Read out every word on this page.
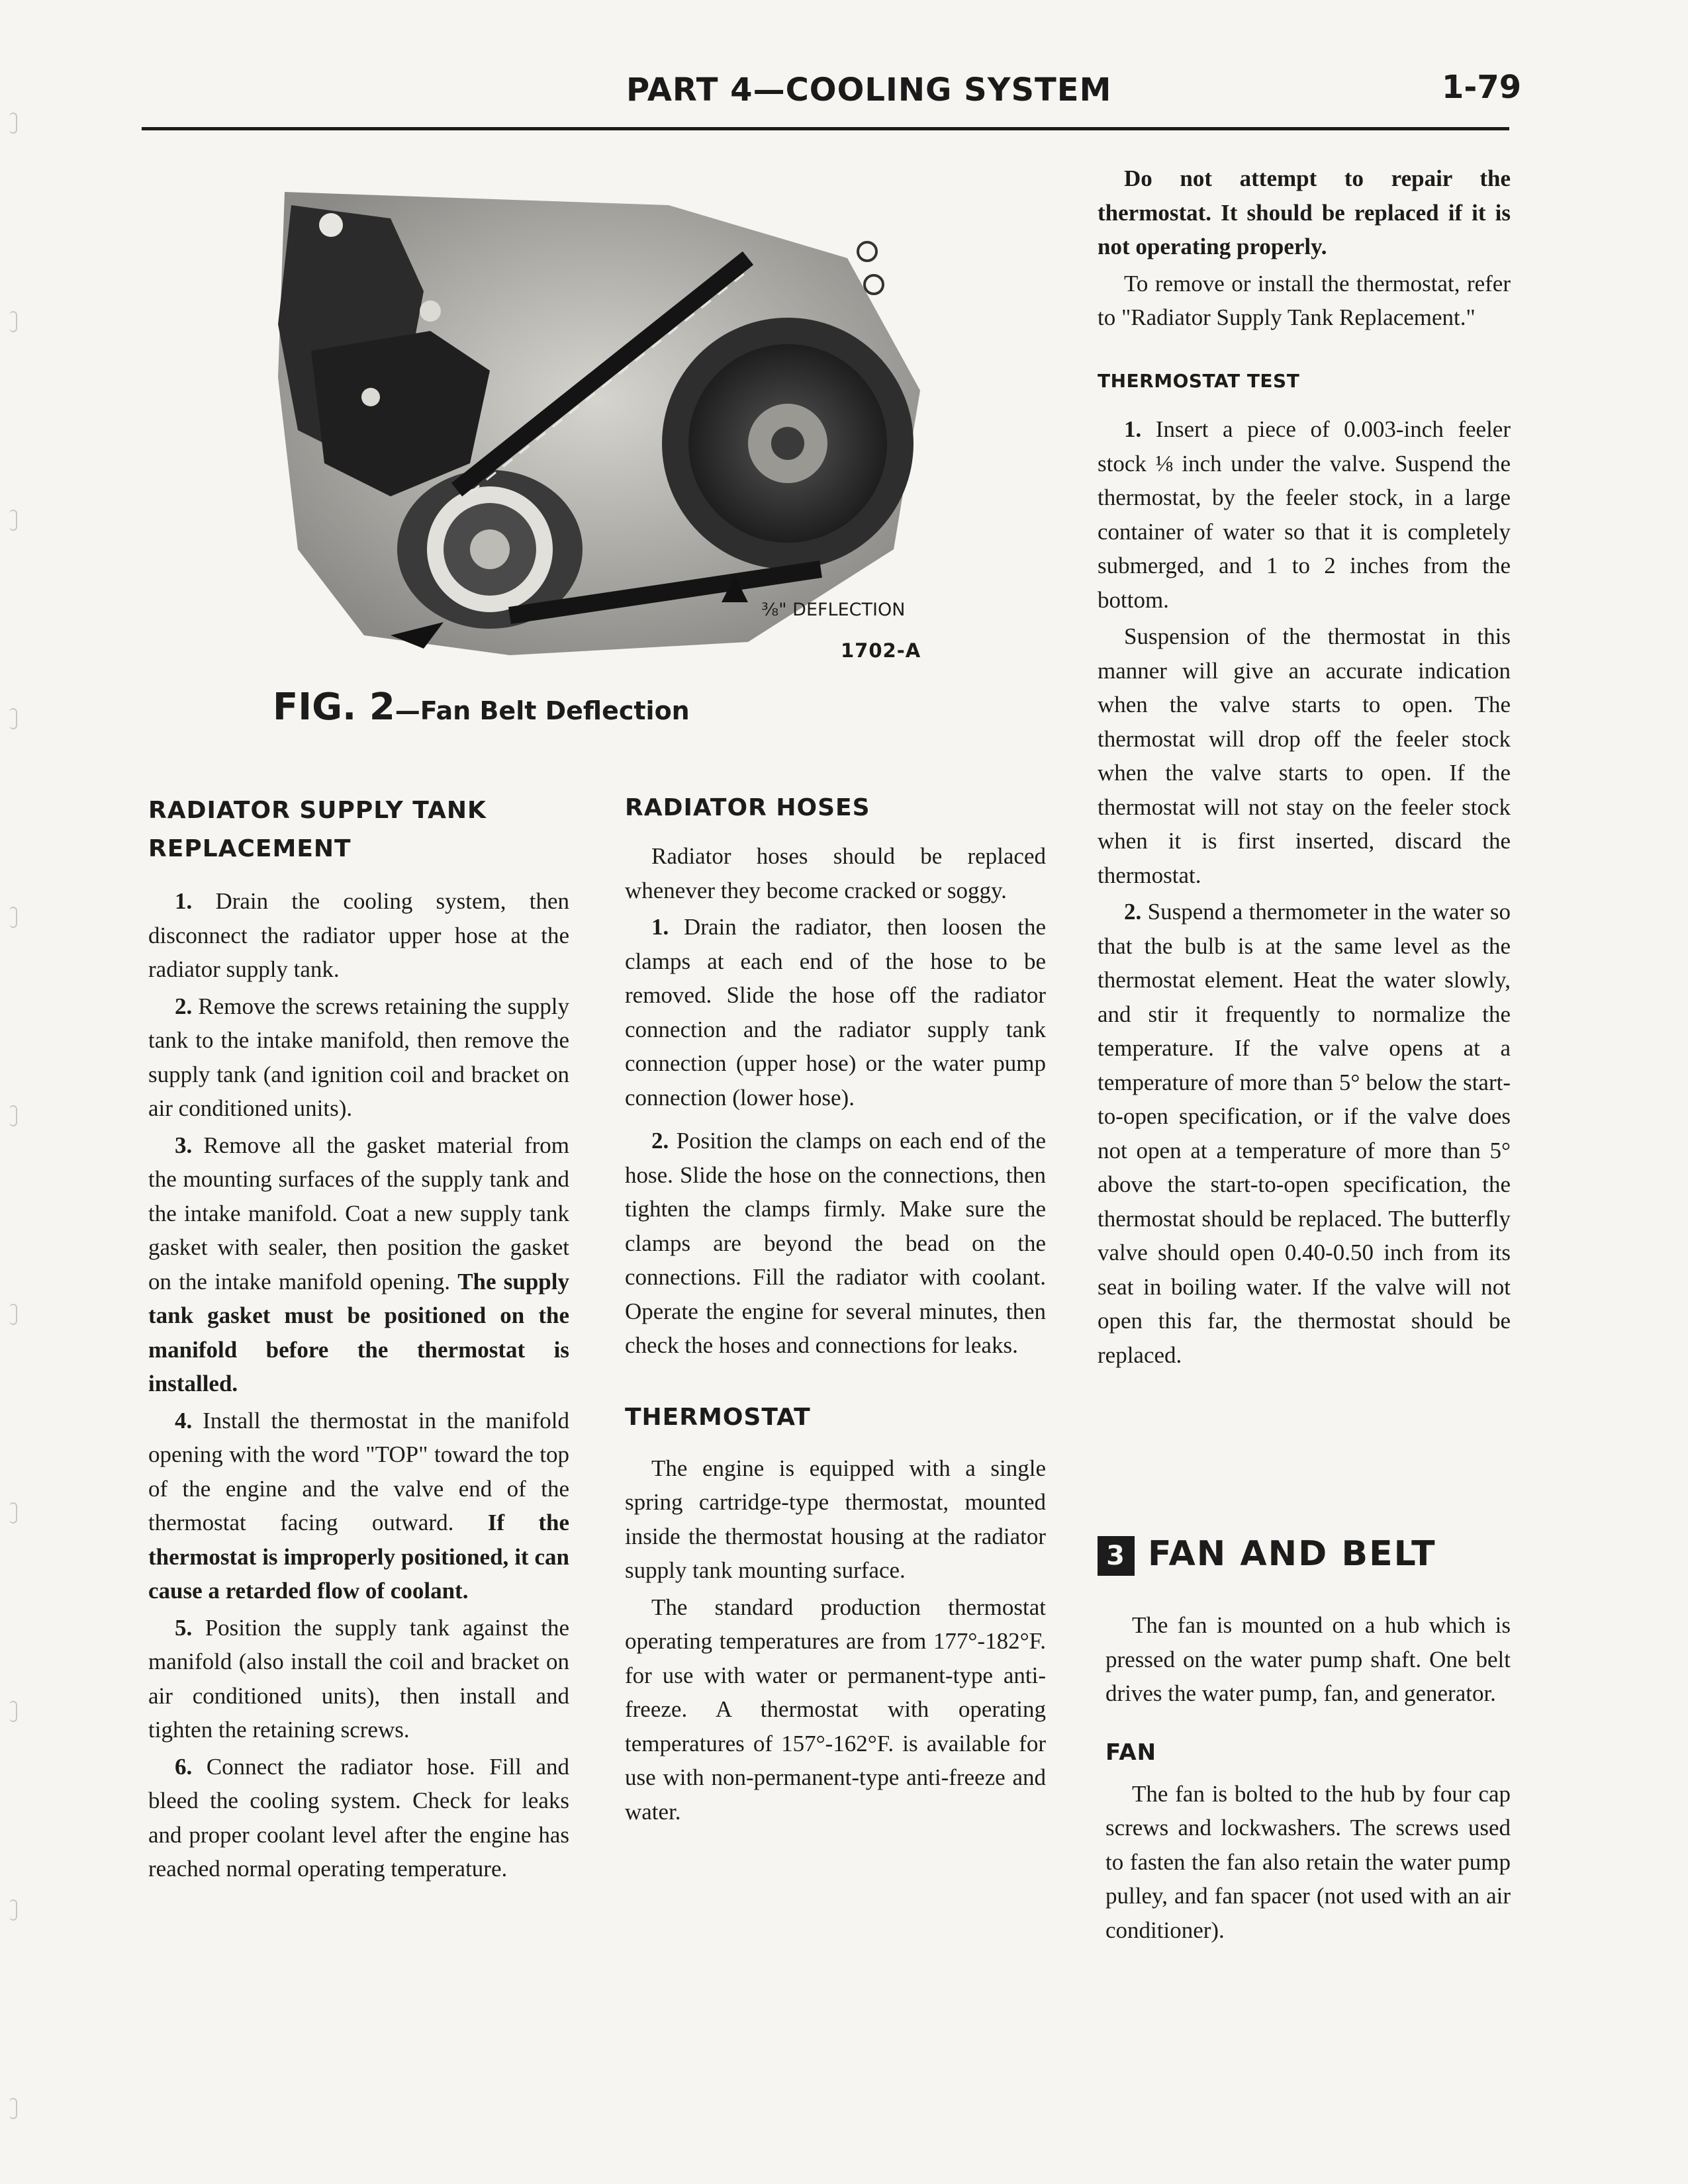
PART 4—COOLING SYSTEM	1-79
⅜" DEFLECTION
1702-A
FIG. 2—Fan Belt Deflection
RADIATOR SUPPLY TANK
REPLACEMENT

1. Drain the cooling system, then disconnect the radiator upper hose at the radiator supply tank.

2. Remove the screws retaining the supply tank to the intake manifold, then remove the supply tank (and ignition coil and bracket on air conditioned units).

3. Remove all the gasket material from the mounting surfaces of the supply tank and the intake manifold. Coat a new supply tank gasket with sealer, then position the gasket on the intake manifold opening. The supply tank gasket must be positioned on the manifold before the thermostat is installed.

4. Install the thermostat in the manifold opening with the word "TOP" toward the top of the engine and the valve end of the thermostat facing outward. If the thermostat is improperly positioned, it can cause a retarded flow of coolant.

5. Position the supply tank against the manifold (also install the coil and bracket on air conditioned units), then install and tighten the retaining screws.

6. Connect the radiator hose. Fill and bleed the cooling system. Check for leaks and proper coolant level after the engine has reached normal operating temperature.

RADIATOR HOSES

Radiator hoses should be replaced whenever they become cracked or soggy.

1. Drain the radiator, then loosen the clamps at each end of the hose to be removed. Slide the hose off the radiator connection and the radiator supply tank connection (upper hose) or the water pump connection (lower hose).

2. Position the clamps on each end of the hose. Slide the hose on the connections, then tighten the clamps firmly. Make sure the clamps are beyond the bead on the connections. Fill the radiator with coolant. Operate the engine for several minutes, then check the hoses and connections for leaks.

THERMOSTAT

The engine is equipped with a single spring cartridge-type thermostat, mounted inside the thermostat housing at the radiator supply tank mounting surface.

The standard production thermostat operating temperatures are from 177°-182°F. for use with water or permanent-type anti-freeze. A thermostat with operating temperatures of 157°-162°F. is available for use with non-permanent-type anti-freeze and water.

Do not attempt to repair the thermostat. It should be replaced if it is not operating properly.

To remove or install the thermostat, refer to "Radiator Supply Tank Replacement."

THERMOSTAT TEST

1. Insert a piece of 0.003-inch feeler stock ⅛ inch under the valve. Suspend the thermostat, by the feeler stock, in a large container of water so that it is completely submerged, and 1 to 2 inches from the bottom.

Suspension of the thermostat in this manner will give an accurate indication when the valve starts to open. The thermostat will drop off the feeler stock when the valve starts to open. If the thermostat will not stay on the feeler stock when it is first inserted, discard the thermostat.

2. Suspend a thermometer in the water so that the bulb is at the same level as the thermostat element. Heat the water slowly, and stir it frequently to normalize the temperature. If the valve opens at a temperature of more than 5° below the start-to-open specification, or if the valve does not open at a temperature of more than 5° above the start-to-open specification, the thermostat should be replaced. The butterfly valve should open 0.40-0.50 inch from its seat in boiling water. If the valve will not open this far, the thermostat should be replaced.

3 FAN AND BELT

The fan is mounted on a hub which is pressed on the water pump shaft. One belt drives the water pump, fan, and generator.

FAN

The fan is bolted to the hub by four cap screws and lockwashers. The screws used to fasten the fan also retain the water pump pulley, and fan spacer (not used with an air conditioner).
